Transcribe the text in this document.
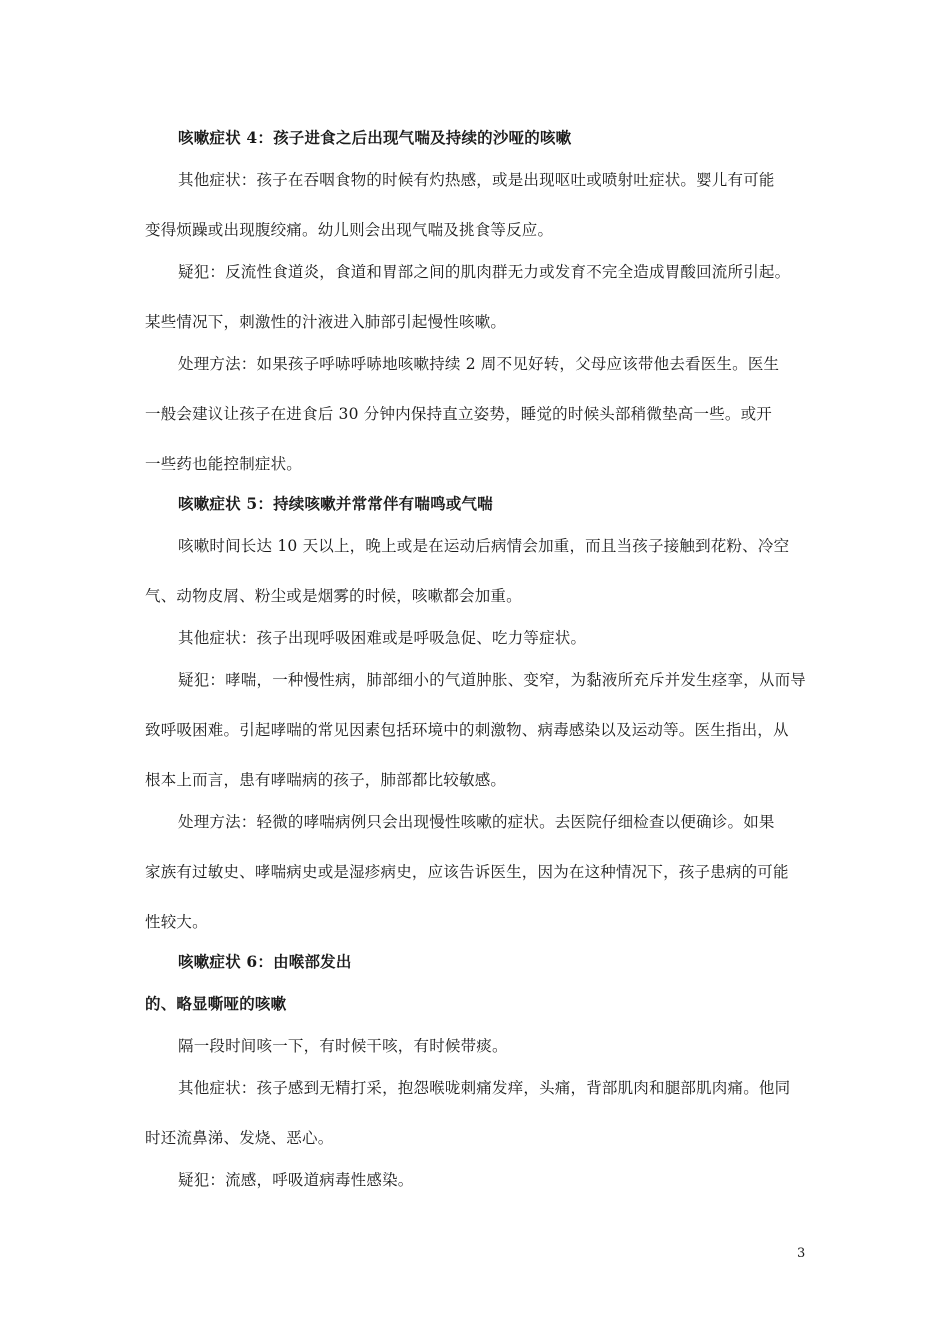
咳嗽症状 4：孩子进食之后出现气喘及持续的沙哑的咳嗽
其他症状：孩子在吞咽食物的时候有灼热感，或是出现呕吐或喷射吐症状。婴儿有可能
变得烦躁或出现腹绞痛。幼儿则会出现气喘及挑食等反应。
疑犯：反流性食道炎，食道和胃部之间的肌肉群无力或发育不完全造成胃酸回流所引起。
某些情况下，刺激性的汁液进入肺部引起慢性咳嗽。
处理方法：如果孩子呼哧呼哧地咳嗽持续 2 周不见好转，父母应该带他去看医生。医生
一般会建议让孩子在进食后 30 分钟内保持直立姿势，睡觉的时候头部稍微垫高一些。或开
一些药也能控制症状。
咳嗽症状 5：持续咳嗽并常常伴有喘鸣或气喘
咳嗽时间长达 10 天以上，晚上或是在运动后病情会加重，而且当孩子接触到花粉、冷空
气、动物皮屑、粉尘或是烟雾的时候，咳嗽都会加重。
其他症状：孩子出现呼吸困难或是呼吸急促、吃力等症状。
疑犯：哮喘，一种慢性病，肺部细小的气道肿胀、变窄，为黏液所充斥并发生痉挛，从而导
致呼吸困难。引起哮喘的常见因素包括环境中的刺激物、病毒感染以及运动等。医生指出，从
根本上而言，患有哮喘病的孩子，肺部都比较敏感。
处理方法：轻微的哮喘病例只会出现慢性咳嗽的症状。去医院仔细检查以便确诊。如果
家族有过敏史、哮喘病史或是湿疹病史，应该告诉医生，因为在这种情况下，孩子患病的可能
性较大。
咳嗽症状 6：由喉部发出
的、略显嘶哑的咳嗽
隔一段时间咳一下，有时候干咳，有时候带痰。
其他症状：孩子感到无精打采，抱怨喉咙刺痛发痒，头痛，背部肌肉和腿部肌肉痛。他同
时还流鼻涕、发烧、恶心。
疑犯：流感，呼吸道病毒性感染。
3
